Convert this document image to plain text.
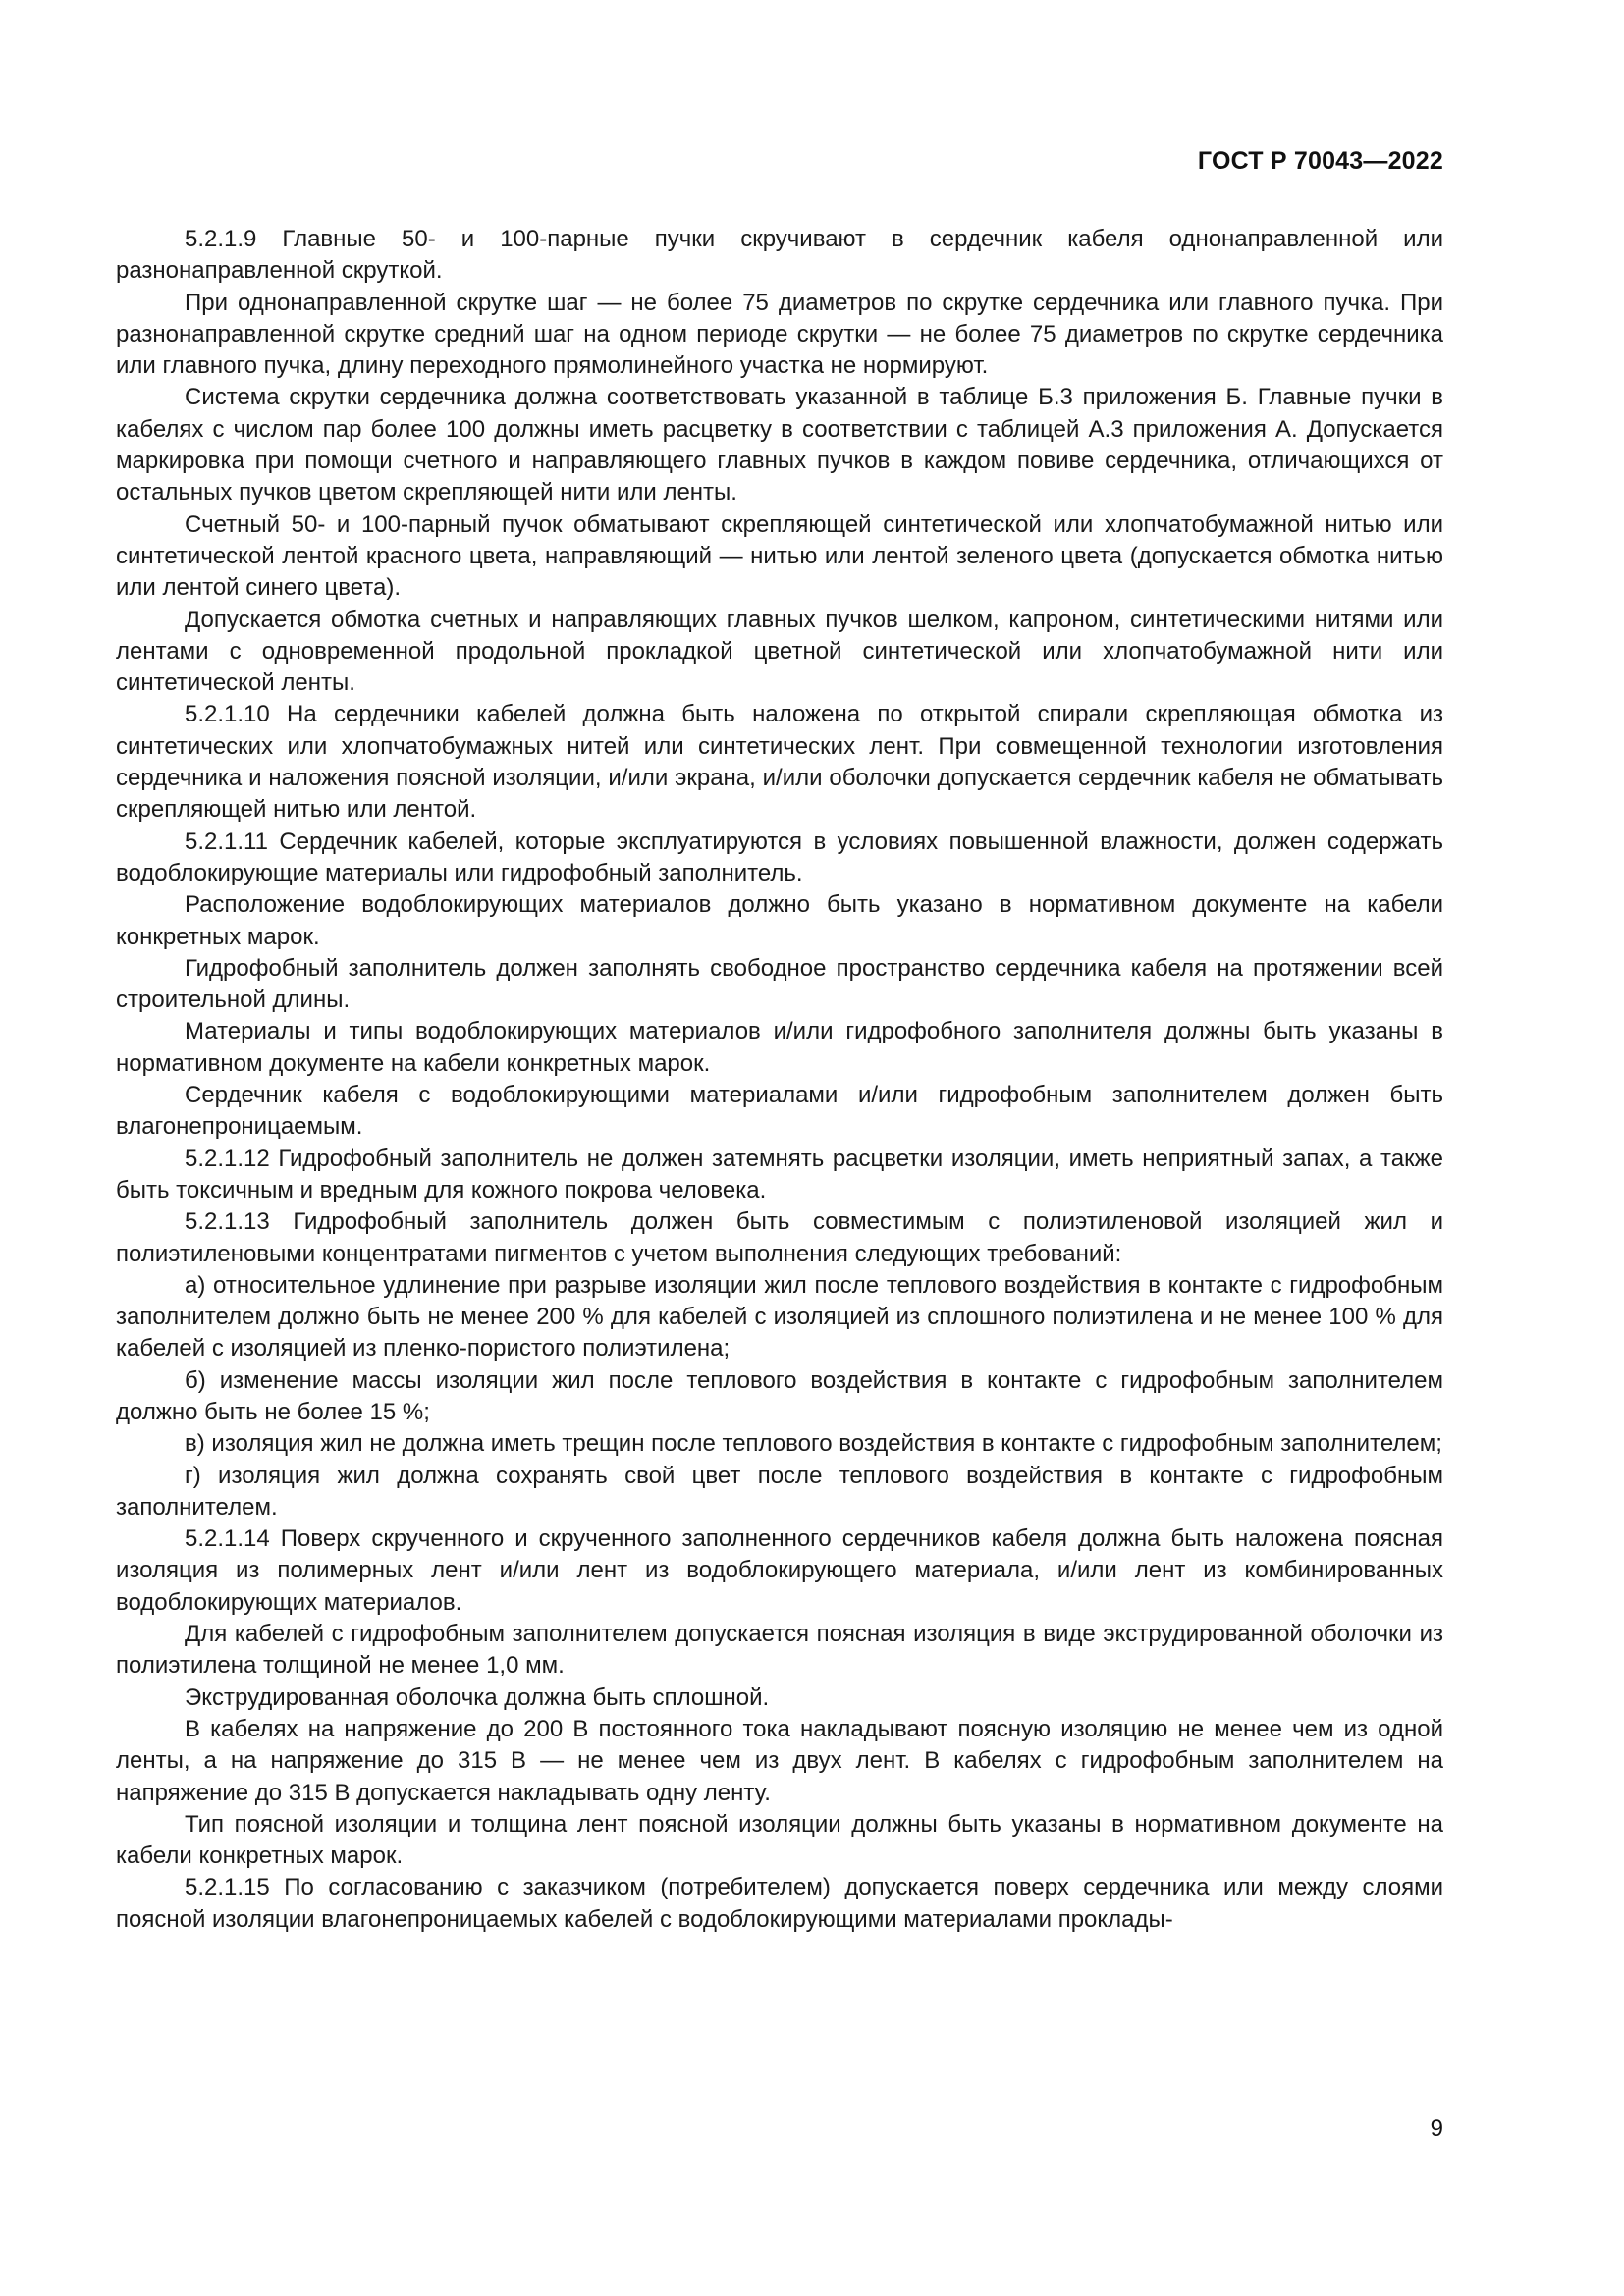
ГОСТ Р 70043—2022

5.2.1.9 Главные 50- и 100-парные пучки скручивают в сердечник кабеля однонаправленной или разнонаправленной скруткой.

При однонаправленной скрутке шаг — не более 75 диаметров по скрутке сердечника или главного пучка. При разнонаправленной скрутке средний шаг на одном периоде скрутки — не более 75 диаметров по скрутке сердечника или главного пучка, длину переходного прямолинейного участка не нормируют.

Система скрутки сердечника должна соответствовать указанной в таблице Б.3 приложения Б. Главные пучки в кабелях с числом пар более 100 должны иметь расцветку в соответствии с таблицей А.3 приложения А. Допускается маркировка при помощи счетного и направляющего главных пучков в каждом повиве сердечника, отличающихся от остальных пучков цветом скрепляющей нити или ленты.

Счетный 50- и 100-парный пучок обматывают скрепляющей синтетической или хлопчатобумажной нитью или синтетической лентой красного цвета, направляющий — нитью или лентой зеленого цвета (допускается обмотка нитью или лентой синего цвета).

Допускается обмотка счетных и направляющих главных пучков шелком, капроном, синтетическими нитями или лентами с одновременной продольной прокладкой цветной синтетической или хлопчатобумажной нити или синтетической ленты.

5.2.1.10 На сердечники кабелей должна быть наложена по открытой спирали скрепляющая обмотка из синтетических или хлопчатобумажных нитей или синтетических лент. При совмещенной технологии изготовления сердечника и наложения поясной изоляции, и/или экрана, и/или оболочки допускается сердечник кабеля не обматывать скрепляющей нитью или лентой.

5.2.1.11 Сердечник кабелей, которые эксплуатируются в условиях повышенной влажности, должен содержать водоблокирующие материалы или гидрофобный заполнитель.

Расположение водоблокирующих материалов должно быть указано в нормативном документе на кабели конкретных марок.

Гидрофобный заполнитель должен заполнять свободное пространство сердечника кабеля на протяжении всей строительной длины.

Материалы и типы водоблокирующих материалов и/или гидрофобного заполнителя должны быть указаны в нормативном документе на кабели конкретных марок.

Сердечник кабеля с водоблокирующими материалами и/или гидрофобным заполнителем должен быть влагонепроницаемым.

5.2.1.12 Гидрофобный заполнитель не должен затемнять расцветки изоляции, иметь неприятный запах, а также быть токсичным и вредным для кожного покрова человека.

5.2.1.13 Гидрофобный заполнитель должен быть совместимым с полиэтиленовой изоляцией жил и полиэтиленовыми концентратами пигментов с учетом выполнения следующих требований:

а) относительное удлинение при разрыве изоляции жил после теплового воздействия в контакте с гидрофобным заполнителем должно быть не менее 200 % для кабелей с изоляцией из сплошного полиэтилена и не менее 100 % для кабелей с изоляцией из пленко-пористого полиэтилена;

б) изменение массы изоляции жил после теплового воздействия в контакте с гидрофобным заполнителем должно быть не более 15 %;

в) изоляция жил не должна иметь трещин после теплового воздействия в контакте с гидрофобным заполнителем;

г) изоляция жил должна сохранять свой цвет после теплового воздействия в контакте с гидрофобным заполнителем.

5.2.1.14 Поверх скрученного и скрученного заполненного сердечников кабеля должна быть наложена поясная изоляция из полимерных лент и/или лент из водоблокирующего материала, и/или лент из комбинированных водоблокирующих материалов.

Для кабелей с гидрофобным заполнителем допускается поясная изоляция в виде экструдированной оболочки из полиэтилена толщиной не менее 1,0 мм.

Экструдированная оболочка должна быть сплошной.

В кабелях на напряжение до 200 В постоянного тока накладывают поясную изоляцию не менее чем из одной ленты, а на напряжение до 315 В — не менее чем из двух лент. В кабелях с гидрофобным заполнителем на напряжение до 315 В допускается накладывать одну ленту.

Тип поясной изоляции и толщина лент поясной изоляции должны быть указаны в нормативном документе на кабели конкретных марок.

5.2.1.15 По согласованию с заказчиком (потребителем) допускается поверх сердечника или между слоями поясной изоляции влагонепроницаемых кабелей с водоблокирующими материалами проклады-

9
